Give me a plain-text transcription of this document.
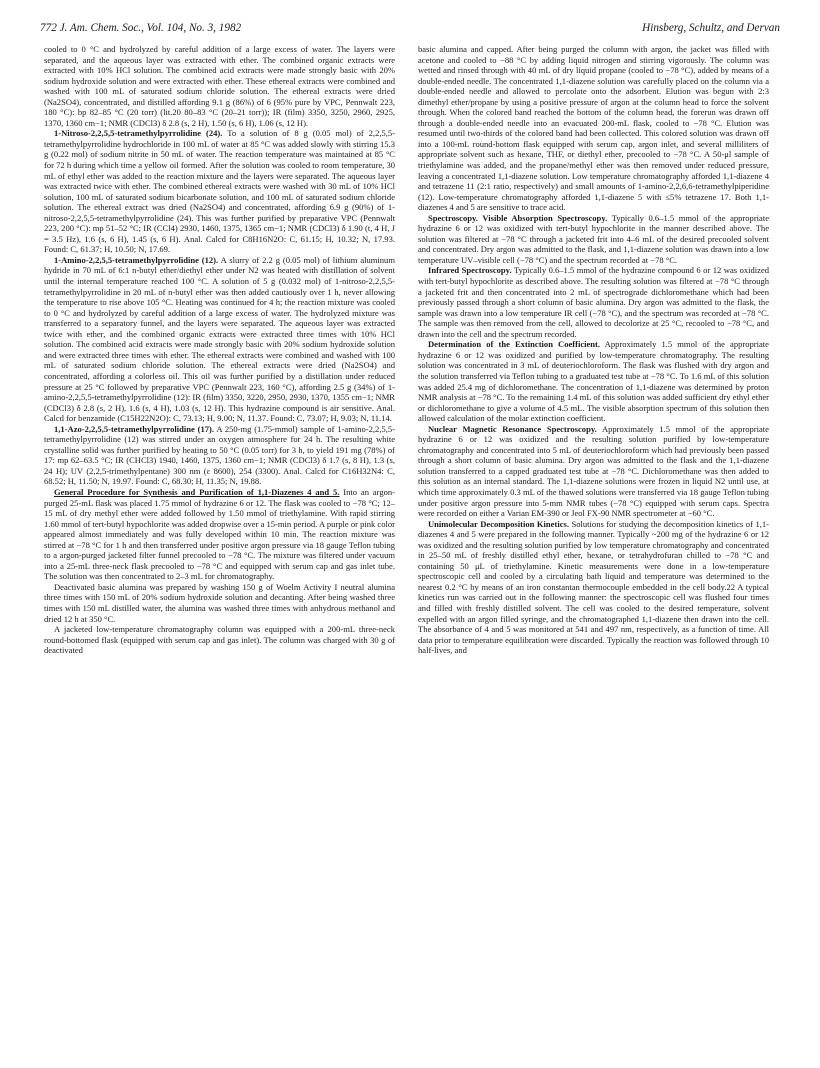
772 J. Am. Chem. Soc., Vol. 104, No. 3, 1982	Hinsberg, Schultz, and Dervan

cooled to 0 °C and hydrolyzed by careful addition of a large excess of water. The layers were separated, and the aqueous layer was extracted with ether. The combined organic extracts were extracted with 10% HCl solution. The combined acid extracts were made strongly basic with 20% sodium hydroxide solution and were extracted with ether. These ethereal extracts were combined and washed with 100 mL of saturated sodium chloride solution. The ethereal extracts were dried (Na2SO4), concentrated, and distilled affording 9.1 g (86%) of 6 (95% pure by VPC, Pennwalt 223, 180 °C): bp 82–85 °C (20 torr) (lit.20 80–83 °C (20–21 torr)); IR (film) 3350, 3250, 2960, 2925, 1370, 1360 cm−1; NMR (CDCl3) δ 2.8 (s, 2 H), 1.50 (s, 6 H), 1.06 (s, 12 H).

1-Nitroso-2,2,5,5-tetramethylpyrrolidine (24). To a solution of 8 g (0.05 mol) of 2,2,5,5-tetramethylpyrrolidine hydrochloride in 100 mL of water at 85 °C was added slowly with stirring 15.3 g (0.22 mol) of sodium nitrite in 50 mL of water. The reaction temperature was maintained at 85 °C for 72 h during which time a yellow oil formed. After the solution was cooled to room temperature, 30 mL of ethyl ether was added to the reaction mixture and the layers were separated. The aqueous layer was extracted twice with ether. The combined ethereal extracts were washed with 30 mL of 10% HCl solution, 100 mL of saturated sodium bicarbonate solution, and 100 mL of saturated sodium chloride solution. The ethereal extract was dried (Na2SO4) and concentrated, affording 6.9 g (90%) of 1-nitroso-2,2,5,5-tetramethylpyrrolidine (24). This was further purified by preparative VPC (Pennwalt 223, 200 °C): mp 51–52 °C; IR (CCl4) 2930, 1460, 1375, 1365 cm−1; NMR (CDCl3) δ 1.90 (t, 4 H, J = 3.5 Hz), 1.6 (s, 6 H), 1.45 (s, 6 H). Anal. Calcd for C8H16N2O: C, 61.15; H, 10.32; N, 17.93. Found: C, 61.37; H, 10.50; N, 17.69.

1-Amino-2,2,5,5-tetramethylpyrrolidine (12). A slurry of 2.2 g (0.05 mol) of lithium aluminum hydride in 70 mL of 6:1 n-butyl ether/diethyl ether under N2 was heated with distillation of solvent until the internal temperature reached 100 °C. A solution of 5 g (0.032 mol) of 1-nitroso-2,2,5,5-tetramethylpyrrolidine in 20 mL of n-butyl ether was then added cautiously over 1 h, never allowing the temperature to rise above 105 °C. Heating was continued for 4 h; the reaction mixture was cooled to 0 °C and hydrolyzed by careful addition of a large excess of water. The hydrolyzed mixture was transferred to a separatory funnel, and the layers were separated. The aqueous layer was extracted twice with ether, and the combined organic extracts were extracted three times with 10% HCl solution. The combined acid extracts were made strongly basic with 20% sodium hydroxide solution and were extracted three times with ether. The ethereal extracts were combined and washed with 100 mL of saturated sodium chloride solution. The ethereal extracts were dried (Na2SO4) and concentrated, affording a colorless oil. This oil was further purified by a distillation under reduced pressure at 25 °C followed by preparative VPC (Pennwalt 223, 160 °C), affording 2.5 g (34%) of 1-amino-2,2,5,5-tetramethylpyrrolidine (12): IR (film) 3350, 3220, 2950, 2930, 1370, 1355 cm−1; NMR (CDCl3) δ 2.8 (s, 2 H), 1.6 (s, 4 H), 1.03 (s, 12 H). This hydrazine compound is air sensitive. Anal. Calcd for benzamide (C15H22N2O): C, 73.13; H, 9.00; N, 11.37. Found: C, 73.07; H, 9.03; N, 11.14.

1,1-Azo-2,2,5,5-tetramethylpyrrolidine (17). A 250-mg (1.75-mmol) sample of 1-amino-2,2,5,5-tetramethylpyrrolidine (12) was stirred under an oxygen atmosphere for 24 h. The resulting white crystalline solid was further purified by heating to 50 °C (0.05 torr) for 3 h, to yield 191 mg (78%) of 17: mp 62–63.5 °C; IR (CHCl3) 1940, 1460, 1375, 1360 cm−1; NMR (CDCl3) δ 1.7 (s, 8 H), 1.3 (s, 24 H); UV (2,2,5-trimethylpentane) 300 nm (ε 8600), 254 (3300). Anal. Calcd for C16H32N4: C, 68.52; H, 11.50; N, 19.97. Found: C, 68.30; H, 11.35; N, 19.88.

General Procedure for Synthesis and Purification of 1,1-Diazenes 4 and 5. Into an argon-purged 25-mL flask was placed 1.75 mmol of hydrazine 6 or 12. The flask was cooled to −78 °C; 12–15 mL of dry methyl ether were added followed by 1.50 mmol of triethylamine. With rapid stirring 1.60 mmol of tert-butyl hypochlorite was added dropwise over a 15-min period. A purple or pink color appeared almost immediately and was fully developed within 10 min. The reaction mixture was stirred at −78 °C for 1 h and then transferred under positive argon pressure via 18 gauge Teflon tubing to a argon-purged jacketed filter funnel precooled to −78 °C. The mixture was filtered under vacuum into a 25-mL three-neck flask precooled to −78 °C and equipped with serum cap and gas inlet tube. The solution was then concentrated to 2–3 mL for chromatography.

Deactivated basic alumina was prepared by washing 150 g of Woelm Activity I neutral alumina three times with 150 mL of 20% sodium hydroxide solution and decanting. After being washed three times with 150 mL distilled water, the alumina was washed three times with anhydrous methanol and dried 12 h at 350 °C.

A jacketed low-temperature chromatography column was equipped with a 200-mL three-neck round-bottomed flask (equipped with serum cap and gas inlet). The column was charged with 30 g of deactivated

basic alumina and capped. After being purged the column with argon, the jacket was filled with acetone and cooled to −88 °C by adding liquid nitrogen and stirring vigorously. The column was wetted and rinsed through with 40 mL of dry liquid propane (cooled to −78 °C), added by means of a double-ended needle. The concentrated 1,1-diazene solution was carefully placed on the column via a double-ended needle and allowed to percolate onto the adsorbent. Elution was begun with 2:3 dimethyl ether/propane by using a positive pressure of argon at the column head to force the solvent through. When the colored band reached the bottom of the column head, the forerun was drawn off through a double-ended needle into an evacuated 200-mL flask, cooled to −78 °C. Elution was resumed until two-thirds of the colored band had been collected. This colored solution was drawn off into a 100-mL round-bottom flask equipped with serum cap, argon inlet, and several milliliters of appropriate solvent such as hexane, THF, or diethyl ether, precooled to −78 °C. A 50-μl sample of triethylamine was added, and the propane/methyl ether was then removed under reduced pressure, leaving a concentrated 1,1-diazene solution. Low temperature chromatography afforded 1,1-diazene 4 and tetrazene 11 (2:1 ratio, respectively) and small amounts of 1-amino-2,2,6,6-tetramethylpiperidine (12). Low-temperature chromatography afforded 1,1-diazene 5 with ≤5% tetrazene 17. Both 1,1-diazenes 4 and 5 are sensitive to trace acid.

Spectroscopy. Visible Absorption Spectroscopy. Typically 0.6–1.5 mmol of the appropriate hydrazine 6 or 12 was oxidized with tert-butyl hypochlorite in the manner described above. The solution was filtered at −78 °C through a jacketed frit into 4–6 mL of the desired precooled solvent and concentrated. Dry argon was admitted to the flask, and 1,1-diazene solution was drawn into a low temperature UV–visible cell (−78 °C) and the spectrum recorded at −78 °C.

Infrared Spectroscopy. Typically 0.6–1.5 mmol of the hydrazine compound 6 or 12 was oxidized with tert-butyl hypochlorite as described above. The resulting solution was filtered at −78 °C through a jacketed frit and then concentrated into 2 mL of spectrograde dichloromethane which had been previously passed through a short column of basic alumina. Dry argon was admitted to the flask, the sample was drawn into a low temperature IR cell (−78 °C), and the spectrum was recorded at −78 °C. The sample was then removed from the cell, allowed to decolorize at 25 °C, recooled to −78 °C, and drawn into the cell and the spectrum recorded.

Determination of the Extinction Coefficient. Approximately 1.5 mmol of the appropriate hydrazine 6 or 12 was oxidized and purified by low-temperature chromatography. The resulting solution was concentrated in 3 mL of deuteriochloroform. The flask was flushed with dry argon and the solution transferred via Teflon tubing to a graduated test tube at −78 °C. To 1.6 mL of this solution was added 25.4 mg of dichloromethane. The concentration of 1,1-diazene was determined by proton NMR analysis at −78 °C. To the remaining 1.4 mL of this solution was added sufficient dry ethyl ether or dichloromethane to give a volume of 4.5 mL. The visible absorption spectrum of this solution then allowed calculation of the molar extinction coefficient.

Nuclear Magnetic Resonance Spectroscopy. Approximately 1.5 mmol of the appropriate hydrazine 6 or 12 was oxidized and the resulting solution purified by low-temperature chromatography and concentrated into 5 mL of deuteriochloroform which had previously been passed through a short column of basic alumina. Dry argon was admitted to the flask and the 1,1-diazene solution transferred to a capped graduated test tube at −78 °C. Dichloromethane was then added to this solution as an internal standard. The 1,1-diazene solutions were frozen in liquid N2 until use, at which time approximately 0.3 mL of the thawed solutions were transferred via 18 gauge Teflon tubing under positive argon pressure into 5-mm NMR tubes (−78 °C) equipped with serum caps. Spectra were recorded on either a Varian EM-390 or Jeol FX-90 NMR spectrometer at −60 °C.

Unimolecular Decomposition Kinetics. Solutions for studying the decomposition kinetics of 1,1-diazenes 4 and 5 were prepared in the following manner. Typically ~200 mg of the hydrazine 6 or 12 was oxidized and the resulting solution purified by low temperature chromatography and concentrated in 25–50 mL of freshly distilled ethyl ether, hexane, or tetrahydrofuran chilled to −78 °C and containing 50 μL of triethylamine. Kinetic measurements were done in a low-temperature spectroscopic cell and cooled by a circulating bath liquid and temperature was determined to the nearest 0.2 °C by means of an iron constantan thermocouple embedded in the cell body.22 A typical kinetics run was carried out in the following manner: the spectroscopic cell was flushed four times and filled with freshly distilled solvent. The cell was cooled to the desired temperature, solvent expelled with an argon filled syringe, and the chromatographed 1,1-diazene then drawn into the cell. The absorbance of 4 and 5 was monitored at 541 and 497 nm, respectively, as a function of time. All data prior to temperature equilibration were discarded. Typically the reaction was followed through 10 half-lives, and
